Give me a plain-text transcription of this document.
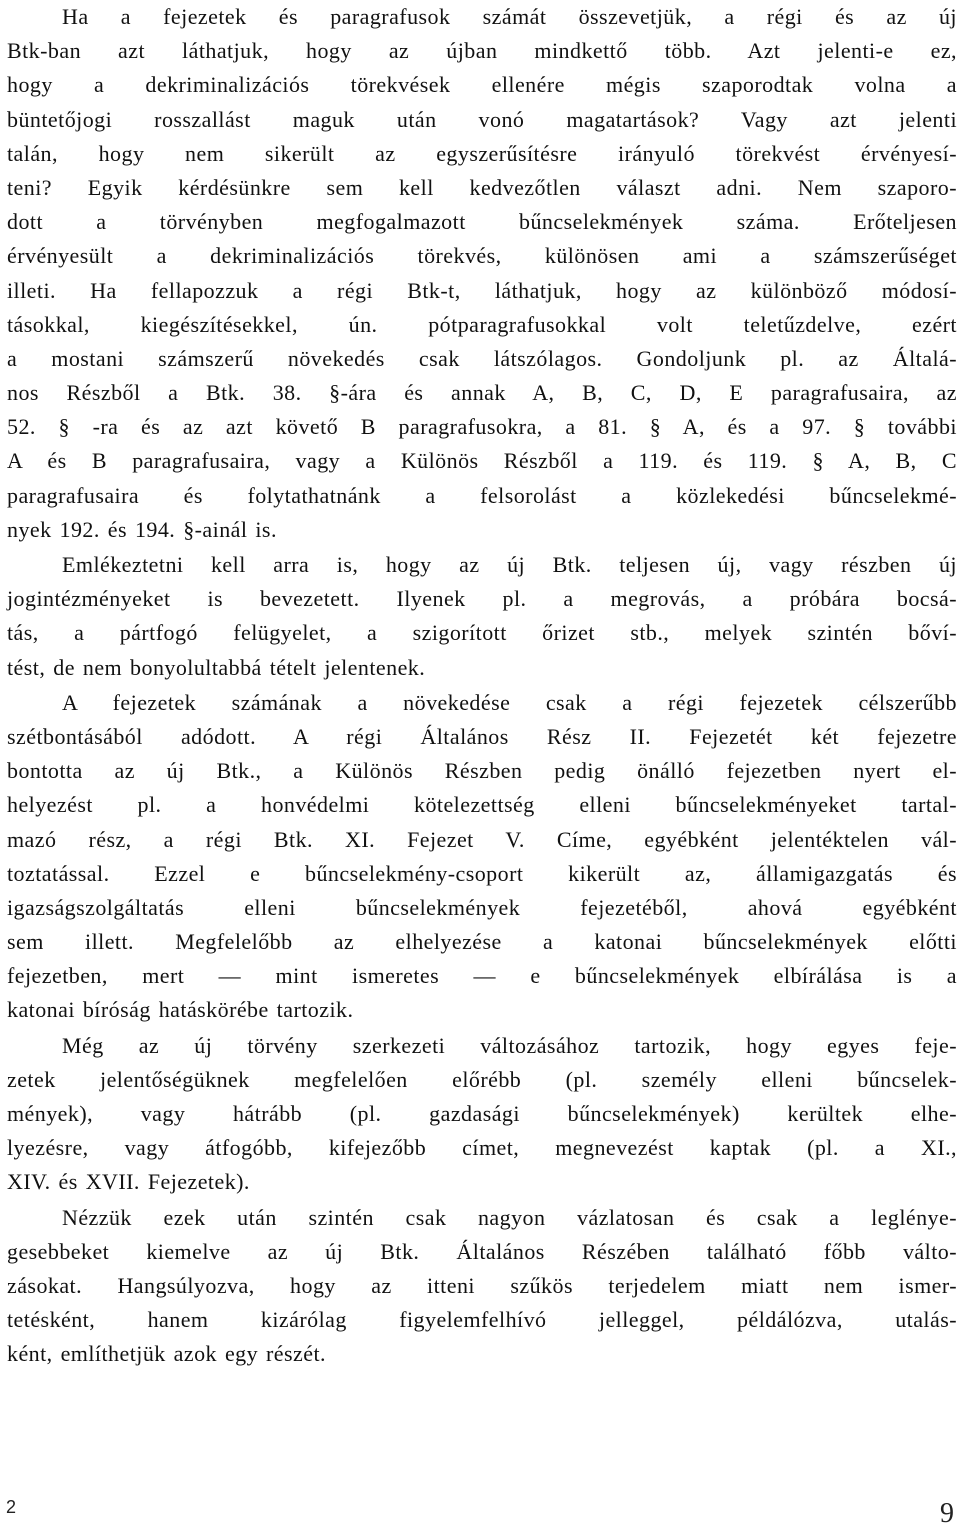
Ha a fejezetek és paragrafusok számát összevetjük, a régi és az új
Btk-ban azt láthatjuk, hogy az újban mindkettő több. Azt jelenti-e ez,
hogy a dekriminalizációs törekvések ellenére mégis szaporodtak volna a
büntetőjogi rosszallást maguk után vonó magatartások? Vagy azt jelenti
talán, hogy nem sikerült az egyszerűsítésre irányuló törekvést érvényesí-
teni? Egyik kérdésünkre sem kell kedvezőtlen választ adni. Nem szaporo-
dott a törvényben megfogalmazott bűncselekmények száma. Erőteljesen
érvényesült a dekriminalizációs törekvés, különösen ami a számszerűséget
illeti. Ha fellapozzuk a régi Btk-t, láthatjuk, hogy az különböző módosí-
tásokkal, kiegészítésekkel, ún. pótparagrafusokkal volt teletűzdelve, ezért
a mostani számszerű növekedés csak látszólagos. Gondoljunk pl. az Általá-
nos Részből a Btk. 38. §-ára és annak A, B, C, D, E paragrafusaira, az
52. § -ra és az azt követő B paragrafusokra, a 81. § A, és a 97. § további
A és B paragrafusaira, vagy a Különös Részből a 119. és 119. § A, B, C
paragrafusaira és folytathatnánk a felsorolást a közlekedési bűncselekmé-
nyek 192. és 194. §-ainál is.
Emlékeztetni kell arra is, hogy az új Btk. teljesen új, vagy részben új
jogintézményeket is bevezetett. Ilyenek pl. a megrovás, a próbára bocsá-
tás, a pártfogó felügyelet, a szigorított őrizet stb., melyek szintén bőví-
tést, de nem bonyolultabbá tételt jelentenek.
A fejezetek számának a növekedése csak a régi fejezetek célszerűbb
szétbontásából adódott. A régi Általános Rész II. Fejezetét két fejezetre
bontotta az új Btk., a Különös Részben pedig önálló fejezetben nyert el-
helyezést pl. a honvédelmi kötelezettség elleni bűncselekményeket tartal-
mazó rész, a régi Btk. XI. Fejezet V. Címe, egyébként jelentéktelen vál-
toztatással. Ezzel e bűncselekmény-csoport kikerült az, államigazgatás és
igazságszolgáltatás elleni bűncselekmények fejezetéből, ahová egyébként
sem illett. Megfelelőbb az elhelyezése a katonai bűncselekmények előtti
fejezetben, mert — mint ismeretes — e bűncselekmények elbírálása is a
katonai bíróság hatáskörébe tartozik.
Még az új törvény szerkezeti változásához tartozik, hogy egyes feje-
zetek jelentőségüknek megfelelően előrébb (pl. személy elleni bűncselek-
mények), vagy hátrább (pl. gazdasági bűncselekmények) kerültek elhe-
lyezésre, vagy átfogóbb, kifejezőbb címet, megnevezést kaptak (pl. a XI.,
XIV. és XVII. Fejezetek).
Nézzük ezek után szintén csak nagyon vázlatosan és csak a leglénye-
gesebbeket kiemelve az új Btk. Általános Részében található főbb válto-
zásokat. Hangsúlyozva, hogy az itteni szűkös terjedelem miatt nem ismer-
tetésként, hanem kizárólag figyelemfelhívó jelleggel, példálózva, utalás-
ként, említhetjük azok egy részét.
2	9
